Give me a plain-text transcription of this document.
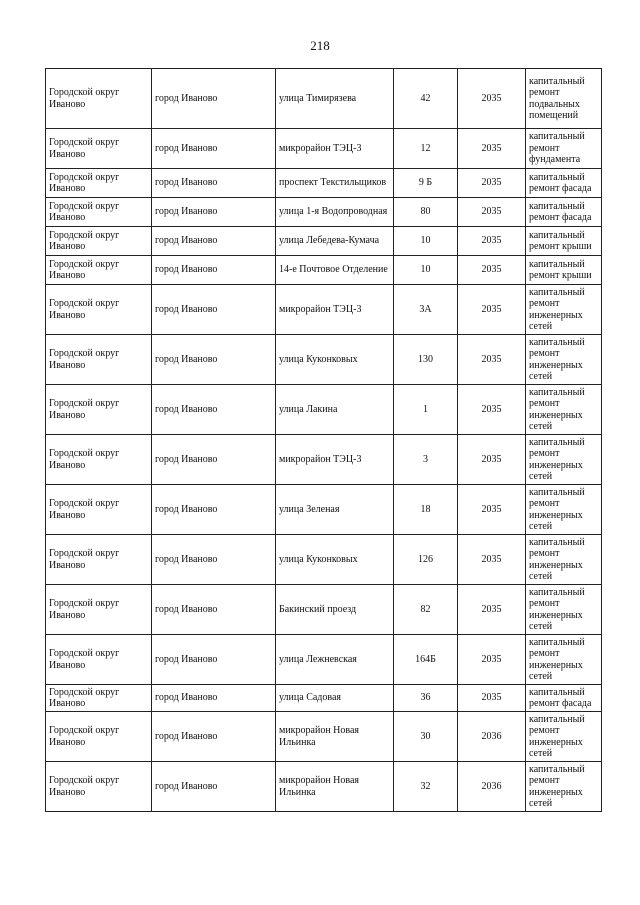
218
Городской округ Иваново	город Иваново	улица Тимирязева	42	2035	капитальный ремонт подвальных помещений
Городской округ Иваново	город Иваново	микрорайон ТЭЦ-3	12	2035	капитальный ремонт фундамента
Городской округ Иваново	город Иваново	проспект Текстильщиков	9 Б	2035	капитальный ремонт фасада
Городской округ Иваново	город Иваново	улица 1-я Водопроводная	80	2035	капитальный ремонт фасада
Городской округ Иваново	город Иваново	улица Лебедева-Кумача	10	2035	капитальный ремонт крыши
Городской округ Иваново	город Иваново	14-е Почтовое Отделение	10	2035	капитальный ремонт крыши
Городской округ Иваново	город Иваново	микрорайон ТЭЦ-3	3А	2035	капитальный ремонт инженерных сетей
Городской округ Иваново	город Иваново	улица Куконковых	130	2035	капитальный ремонт инженерных сетей
Городской округ Иваново	город Иваново	улица Лакина	1	2035	капитальный ремонт инженерных сетей
Городской округ Иваново	город Иваново	микрорайон ТЭЦ-3	3	2035	капитальный ремонт инженерных сетей
Городской округ Иваново	город Иваново	улица Зеленая	18	2035	капитальный ремонт инженерных сетей
Городской округ Иваново	город Иваново	улица Куконковых	126	2035	капитальный ремонт инженерных сетей
Городской округ Иваново	город Иваново	Бакинский проезд	82	2035	капитальный ремонт инженерных сетей
Городской округ Иваново	город Иваново	улица Лежневская	164Б	2035	капитальный ремонт инженерных сетей
Городской округ Иваново	город Иваново	улица Садовая	36	2035	капитальный ремонт фасада
Городской округ Иваново	город Иваново	микрорайон Новая Ильинка	30	2036	капитальный ремонт инженерных сетей
Городской округ Иваново	город Иваново	микрорайон Новая Ильинка	32	2036	капитальный ремонт инженерных сетей
